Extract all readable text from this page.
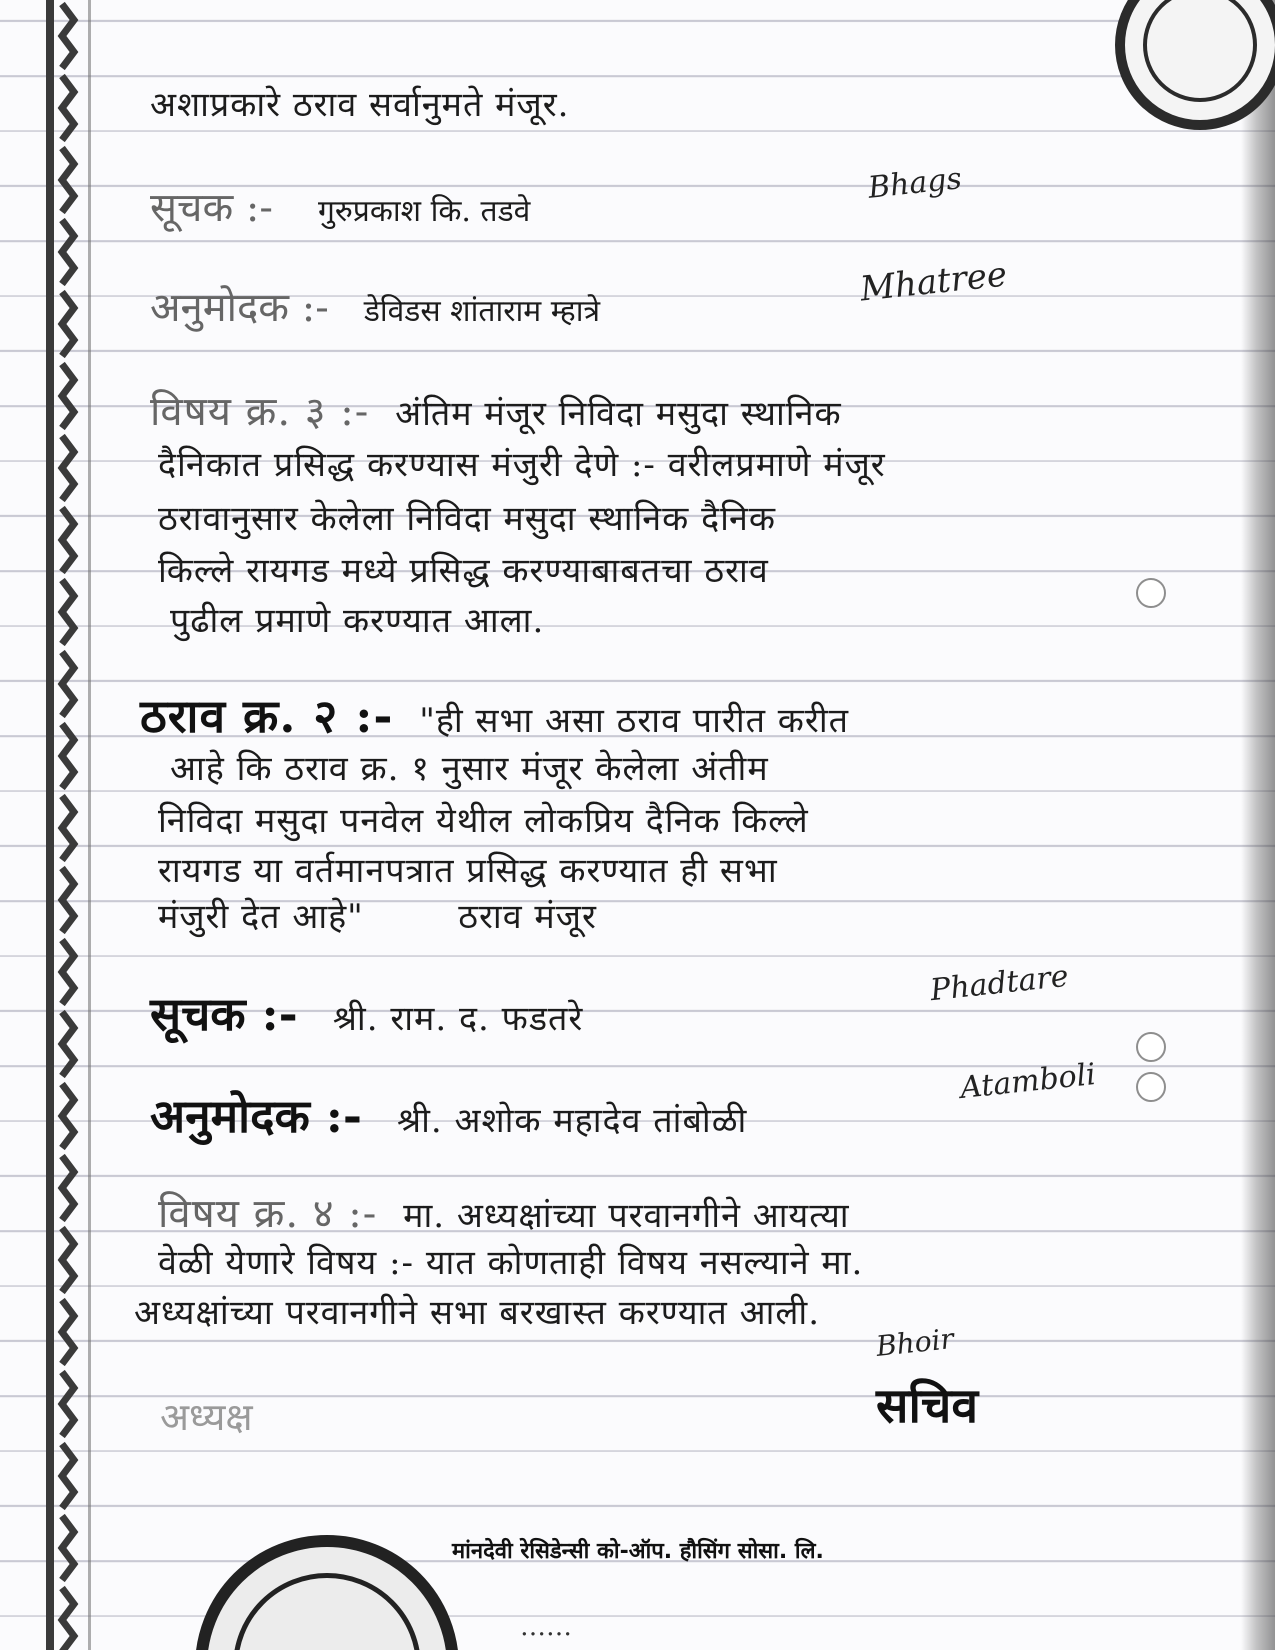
अशाप्रकारे ठराव सर्वानुमते मंजूर.
सूचक :- गुरुप्रकाश कि. तडवे
Bhags
अनुमोदक :- डेविडस शांताराम म्हात्रे
Mhatree
विषय क्र. ३ :- अंतिम मंजूर निविदा मसुदा स्थानिक
दैनिकात प्रसिद्ध करण्यास मंजुरी देणे :- वरीलप्रमाणे मंजूर
ठरावानुसार केलेला निविदा मसुदा स्थानिक दैनिक
किल्ले रायगड मध्ये प्रसिद्ध करण्याबाबतचा ठराव
पुढील प्रमाणे करण्यात आला.
ठराव क्र. २ :- "ही सभा असा ठराव पारीत करीत
आहे कि ठराव क्र. १ नुसार मंजूर केलेला अंतीम
निविदा मसुदा पनवेल येथील लोकप्रिय दैनिक किल्ले
रायगड या वर्तमानपत्रात प्रसिद्ध करण्यात ही सभा
मंजुरी देत आहे"        ठराव मंजूर
सूचक :- श्री. राम. द. फडतरे
Phadtare
अनुमोदक :- श्री. अशोक महादेव तांबोळी
Atamboli
विषय क्र. ४ :- मा. अध्यक्षांच्या परवानगीने आयत्या
वेळी येणारे विषय :- यात कोणताही विषय नसल्याने मा.
अध्यक्षांच्या परवानगीने सभा बरखास्त करण्यात आली.
Bhoir
अध्यक्ष	सचिव
मांनदेवी रेसिडेन्सी को-ऑप. हौसिंग सोसा. लि.
……
